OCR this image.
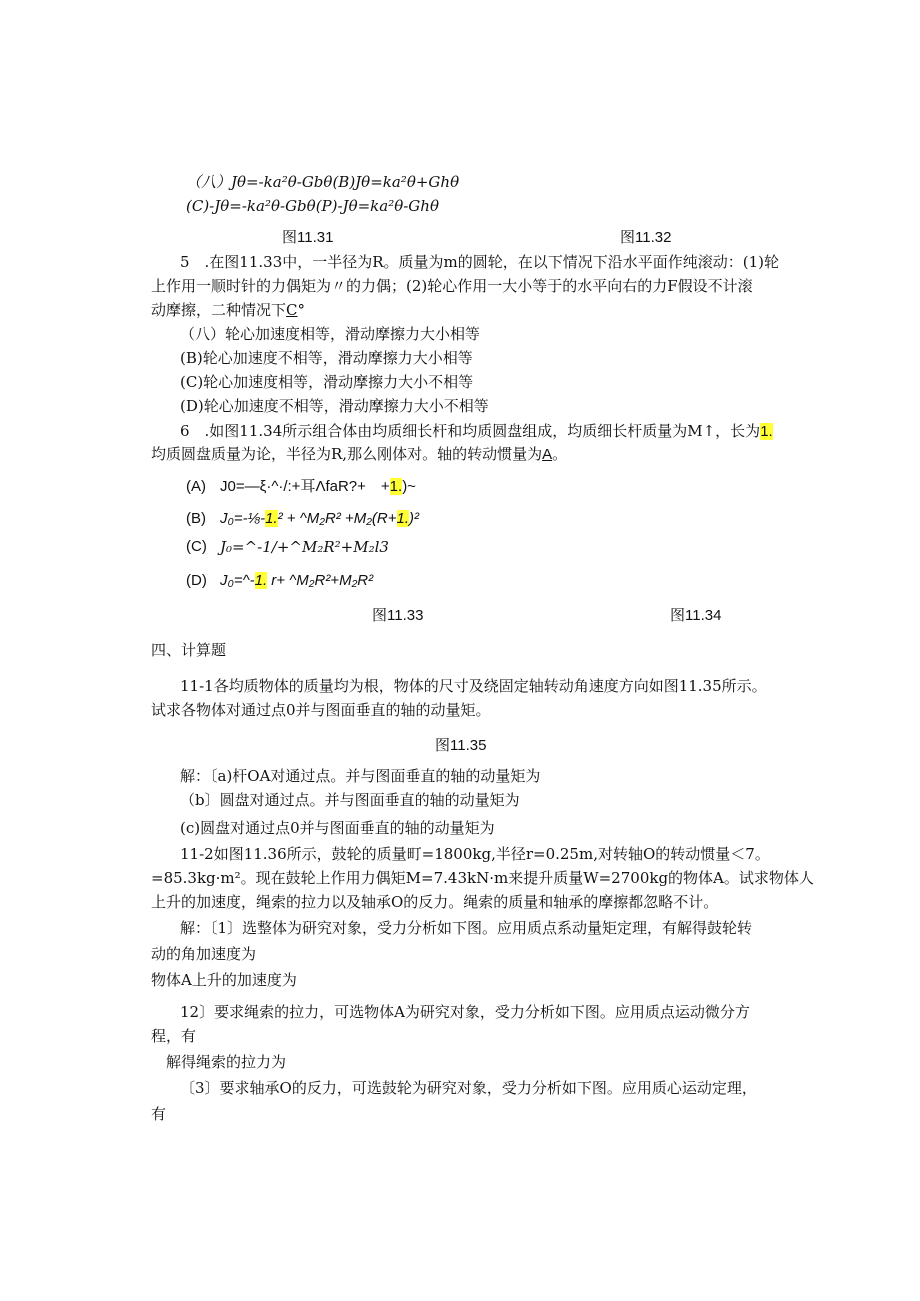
（八）Jθ=-ka²θ-Gbθ(B)Jθ=ka²θ+Ghθ
(C)-Jθ=-ka²θ-Gbθ(P)-Jθ=ka²θ-Ghθ
图11.31	图11.32
5　.在图11.33中，一半径为R。质量为m的圆轮，在以下情况下沿水平面作纯滚动：(1)轮
上作用一顺时针的力偶矩为〃的力偶；(2)轮心作用一大小等于的水平向右的力F假设不计滚
动摩擦，二种情况下C°
（八）轮心加速度相等，滑动摩擦力大小相等
(B)轮心加速度不相等，滑动摩擦力大小相等
(C)轮心加速度相等，滑动摩擦力大小不相等
(D)轮心加速度不相等，滑动摩擦力大小不相等
6　.如图11.34所示组合体由均质细长杆和均质圆盘组成，均质细长杆质量为M↑，长为1.
均质圆盘质量为论，半径为R,那么刚体对。轴的转动惯量为A。
(A) J0=—ξ·^·/:+耳ΛfaR?+　+1.)~
(B) J₀=-⅛-1.² + ^M₂R² +M₂(R+1.)²
(C) J₀=^-1/+^M₂R²+M₂l3
(D) J₀=^-1. r+ ^M₂R²+M₂R²
图11.33	图11.34
四、计算题
11-1各均质物体的质量均为根，物体的尺寸及绕固定轴转动角速度方向如图11.35所示。
试求各物体对通过点0并与图面垂直的轴的动量矩。
图11.35
解：〔a)杆OA对通过点。并与图面垂直的轴的动量矩为
（b〕圆盘对通过点。并与图面垂直的轴的动量矩为
(c)圆盘对通过点0并与图面垂直的轴的动量矩为
11-2如图11.36所示，鼓轮的质量町=1800kg,半径r=0.25m,对转轴O的转动惯量＜7。
=85.3kg·m²。现在鼓轮上作用力偶矩M=7.43kN·m来提升质量W=2700kg的物体A。试求物体人
上升的加速度，绳索的拉力以及轴承O的反力。绳索的质量和轴承的摩擦都忽略不计。
解：〔1〕选整体为研究对象，受力分析如下图。应用质点系动量矩定理，有解得鼓轮转
动的角加速度为
物体A上升的加速度为
12〕要求绳索的拉力，可选物体A为研究对象，受力分析如下图。应用质点运动微分方
程，有
解得绳索的拉力为
〔3〕要求轴承O的反力，可选鼓轮为研究对象，受力分析如下图。应用质心运动定理，
有
